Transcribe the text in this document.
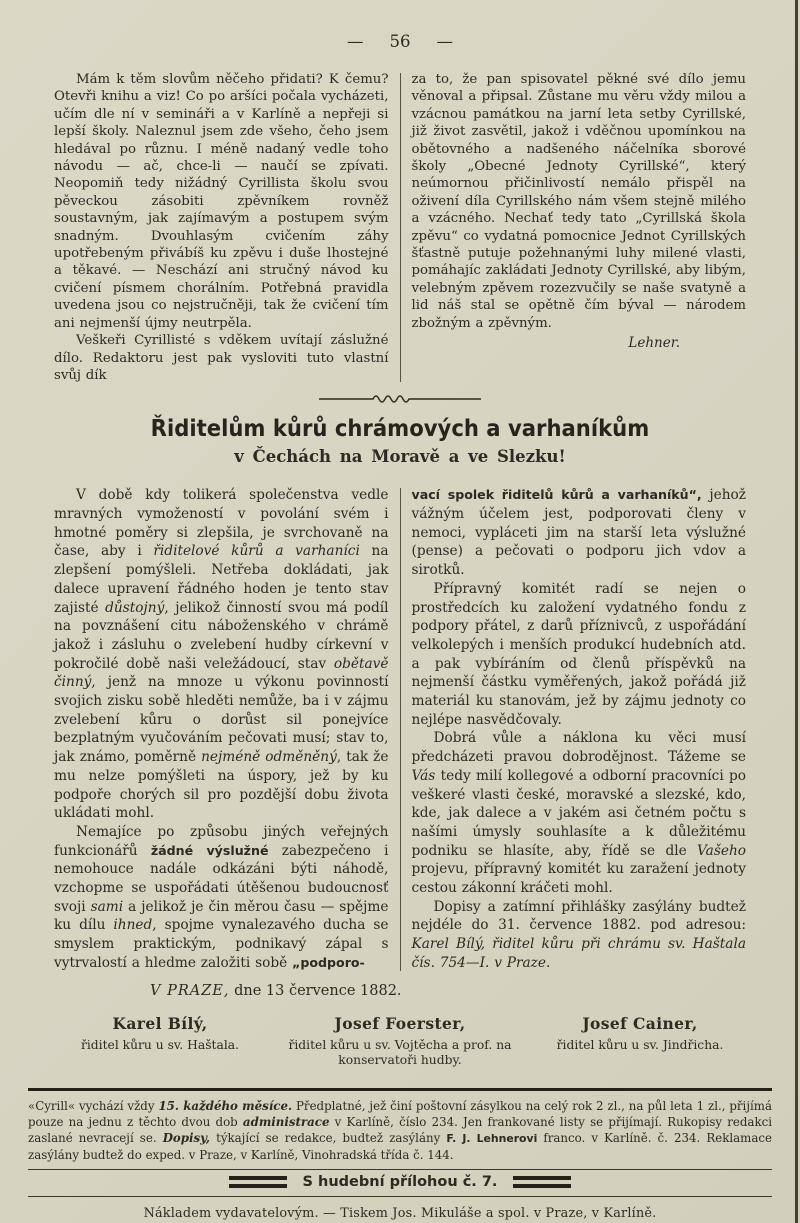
— 56 —

Mám k těm slovům něčeho přidati? K čemu? Otevři knihu a viz! Co po aršíci počala vycházeti, učím dle ní v semináři a v Karlíně a nepřeji si lepší školy. Naleznul jsem zde všeho, čeho jsem hledával po různu. I méně nadaný vedle toho návodu — ač, chce-li — naučí se zpívati. Neopomiň tedy nižádný Cyrillista školu svou pěveckou zásobiti zpěvníkem rovněž soustavným, jak zajímavým a postupem svým snadným. Dvouhlasým cvičením záhy upotřebeným přivábíš ku zpěvu i duše lhostejné a těkavé. — Neschází ani stručný návod ku cvičení písmem chorálním. Potřebná pravidla uvedena jsou co nejstručněji, tak že cvičení tím ani nejmenší újmy neutrpěla.

Veškeři Cyrillisté s vděkem uvítají záslužné dílo. Redaktoru jest pak vysloviti tuto vlastní svůj dík

za to, že pan spisovatel pěkné své dílo jemu věnoval a připsal. Zůstane mu věru vždy milou a vzácnou památkou na jarní leta setby Cyrillské, již život zasvětil, jakož i vděčnou upomínkou na obětovného a nadšeného náčelníka sborové školy „Obecné Jednoty Cyrillské“, který neúmornou přičinlivostí nemálo přispěl na oživení díla Cyrillského nám všem stejně milého a vzácného. Nechať tedy tato „Cyrillská škola zpěvu“ co vydatná pomocnice Jednot Cyrillských šťastně putuje požehnanými luhy milené vlasti, pomáhajíc zakládati Jednoty Cyrillské, aby libým, velebným zpěvem rozezvučily se naše svatyně a lid náš stal se opětně čím býval — národem zbožným a zpěvným.

Lehner.
Řiditelům kůrů chrámových a varhaníkům
v Čechách na Moravě a ve Slezku!

V době kdy tolikerá společenstva vedle mravných vymožeností v povolání svém i hmotné poměry si zlepšila, je svrchovaně na čase, aby i řiditelové kůrů a varhaníci na zlepšení pomýšleli. Netřeba dokládati, jak dalece upravení řádného hoden je tento stav zajisté důstojný, jelikož činností svou má podíl na povznášení citu náboženského v chrámě jakož i zásluhu o zvelebení hudby církevní v pokročilé době naši veležádoucí, stav obětavě činný, jenž na mnoze u výkonu povinností svojich zisku sobě hleděti nemůže, ba i v zájmu zvelebení kůru o dorůst sil ponejvíce bezplatným vyučováním pečovati musí; stav to, jak známo, poměrně nejméně odměněný, tak že mu nelze pomýšleti na úspory, jež by ku podpoře chorých sil pro pozdější dobu života ukládati mohl.

Nemajíce po způsobu jiných veřejných funkcionářů žádné výslužné zabezpečeno i nemohouce nadále odkázáni býti náhodě, vzchopme se uspořádati útěšenou budoucnosť svoji sami a jelikož je čin měrou času — spějme ku dílu ihned, spojme vynalezavého ducha se smyslem praktickým, podnikavý zápal s vytrvalostí a hledme založiti sobě „podporo-

vací spolek řiditelů kůrů a varhaníků“, jehož vážným účelem jest, podporovati členy v nemoci, vypláceti jim na starší leta výslužné (pense) a pečovati o podporu jich vdov a sirotků.

Přípravný komitét radí se nejen o prostředcích ku založení vydatného fondu z podpory přátel, z darů příznivců, z uspořádání velkolepých i menších produkcí hudebních atd. a pak vybíráním od členů příspěvků na nejmenší částku vyměřených, jakož pořádá již materiál ku stanovám, jež by zájmu jednoty co nejlépe nasvědčovaly.

Dobrá vůle a náklona ku věci musí předcházeti pravou dobrodějnost. Tážeme se Vás tedy milí kollegové a odborní pracovníci po veškeré vlasti české, moravské a slezské, kdo, kde, jak dalece a v jakém asi četném počtu s našími úmysly souhlasíte a k důležitému podniku se hlasíte, aby, řídě se dle Vašeho projevu, přípravný komitét ku zaražení jednoty cestou zákonní kráčeti mohl.

Dopisy a zatímní přihlášky zasýlány budtež nejdéle do 31. července 1882. pod adresou: Karel Bílý, řiditel kůru při chrámu sv. Haštala čís. 754—I. v Praze.

V PRAZE, dne 13 července 1882.
Karel Bílý,
řiditel kůru u sv. Haštala.
Josef Foerster,
řiditel kůru u sv. Vojtěcha a prof. na konservatoři hudby.
Josef Cainer,
řiditel kůru u sv. Jindřicha.
«Cyrill« vychází vždy 15. každého měsíce. Předplatné, jež činí poštovní zásylkou na celý rok 2 zl., na půl leta 1 zl., přijímá pouze na jednu z těchto dvou dob administrace v Karlíně, číslo 234. Jen frankované listy se přijímají. Rukopisy redakci zaslané nevracejí se. Dopisy, týkající se redakce, budtež zasýlány F. J. Lehnerovi franco. v Karlíně. č. 234. Reklamace zasýlány budtež do exped. v Praze, v Karlíně, Vinohradská třída č. 144.
S hudební přílohou č. 7.
Nákladem vydavatelovým. — Tiskem Jos. Mikuláše a spol. v Praze, v Karlíně.
